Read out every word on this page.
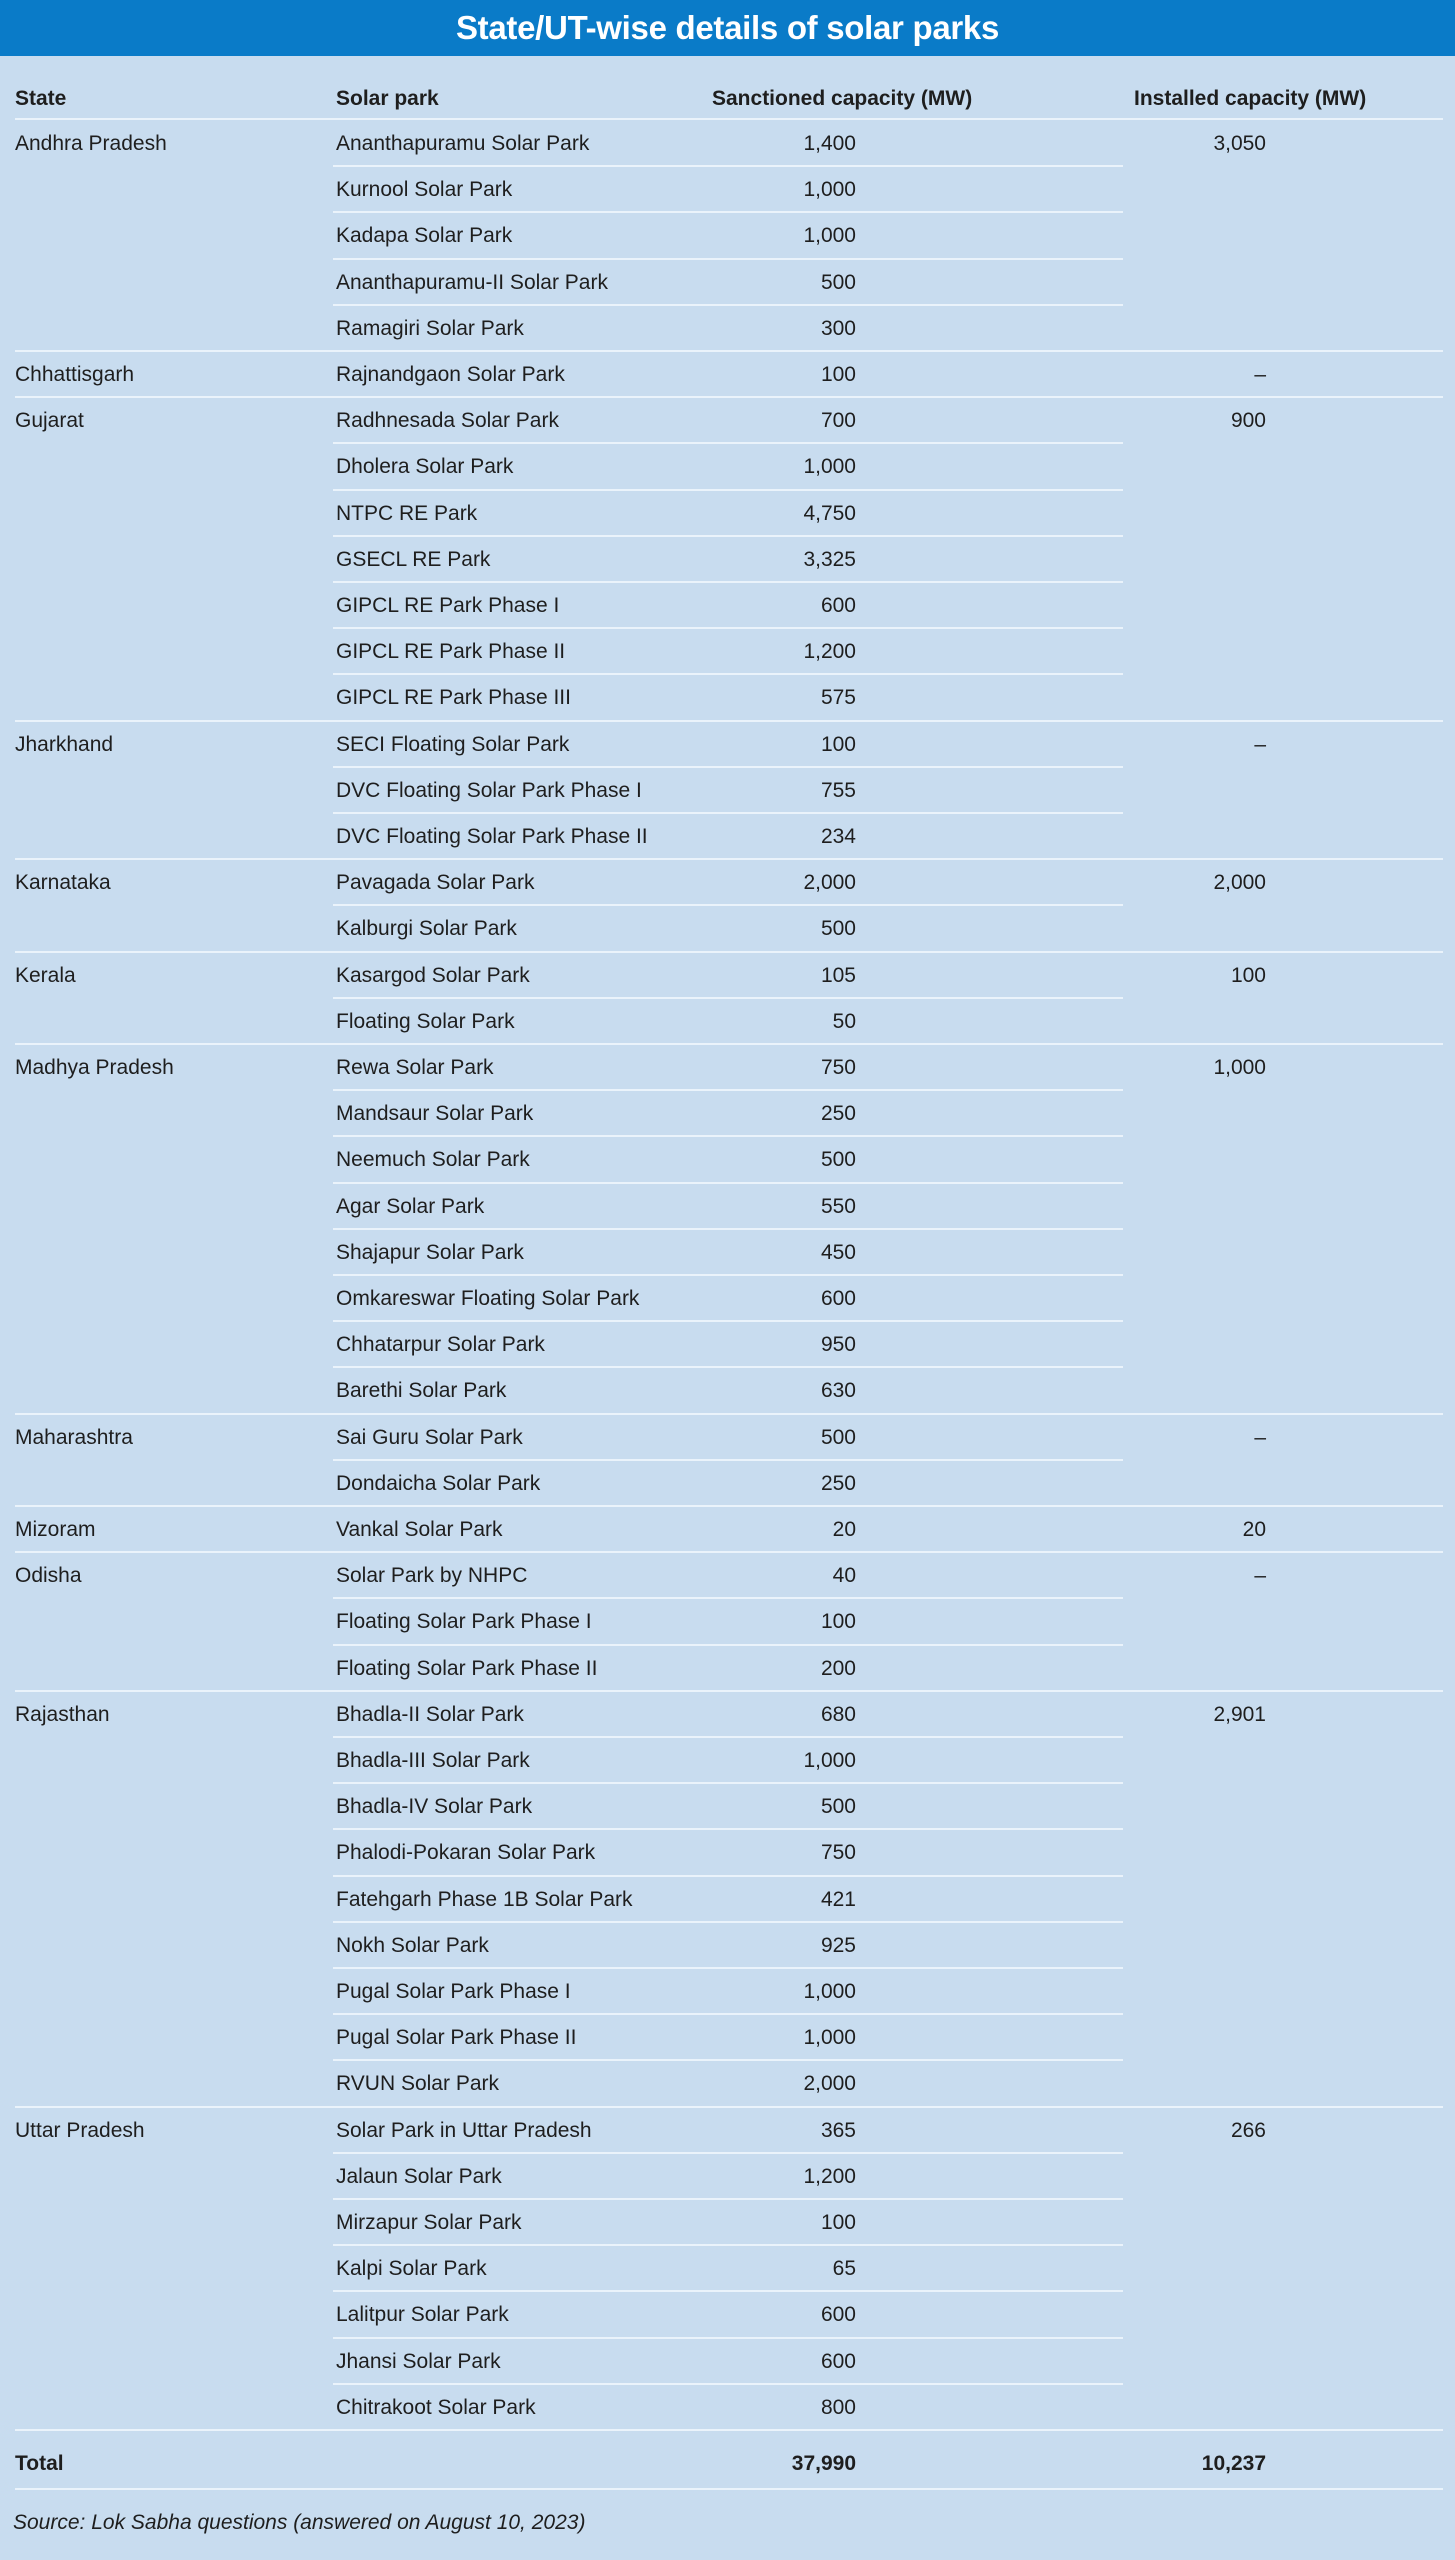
State/UT-wise details of solar parks
State	Solar park	Sanctioned capacity (MW)	Installed capacity (MW)
Andhra Pradesh	Ananthapuramu Solar Park	1,400	3,050
Kurnool Solar Park	1,000
Kadapa Solar Park	1,000
Ananthapuramu-II Solar Park	500
Ramagiri Solar Park	300
Chhattisgarh	Rajnandgaon Solar Park	100	–
Gujarat	Radhnesada Solar Park	700	900
Dholera Solar Park	1,000
NTPC RE Park	4,750
GSECL RE Park	3,325
GIPCL RE Park Phase I	600
GIPCL RE Park Phase II	1,200
GIPCL RE Park Phase III	575
Jharkhand	SECI Floating Solar Park	100	–
DVC Floating Solar Park Phase I	755
DVC Floating Solar Park Phase II	234
Karnataka	Pavagada Solar Park	2,000	2,000
Kalburgi Solar Park	500
Kerala	Kasargod Solar Park	105	100
Floating Solar Park	50
Madhya Pradesh	Rewa Solar Park	750	1,000
Mandsaur Solar Park	250
Neemuch Solar Park	500
Agar Solar Park	550
Shajapur Solar Park	450
Omkareswar Floating Solar Park	600
Chhatarpur Solar Park	950
Barethi Solar Park	630
Maharashtra	Sai Guru Solar Park	500	–
Dondaicha Solar Park	250
Mizoram	Vankal Solar Park	20	20
Odisha	Solar Park by NHPC	40	–
Floating Solar Park Phase I	100
Floating Solar Park Phase II	200
Rajasthan	Bhadla-II Solar Park	680	2,901
Bhadla-III Solar Park	1,000
Bhadla-IV Solar Park	500
Phalodi-Pokaran Solar Park	750
Fatehgarh Phase 1B Solar Park	421
Nokh Solar Park	925
Pugal Solar Park Phase I	1,000
Pugal Solar Park Phase II	1,000
RVUN Solar Park	2,000
Uttar Pradesh	Solar Park in Uttar Pradesh	365	266
Jalaun Solar Park	1,200
Mirzapur Solar Park	100
Kalpi Solar Park	65
Lalitpur Solar Park	600
Jhansi Solar Park	600
Chitrakoot Solar Park	800
Total	37,990	10,237
Source: Lok Sabha questions (answered on August 10, 2023)
